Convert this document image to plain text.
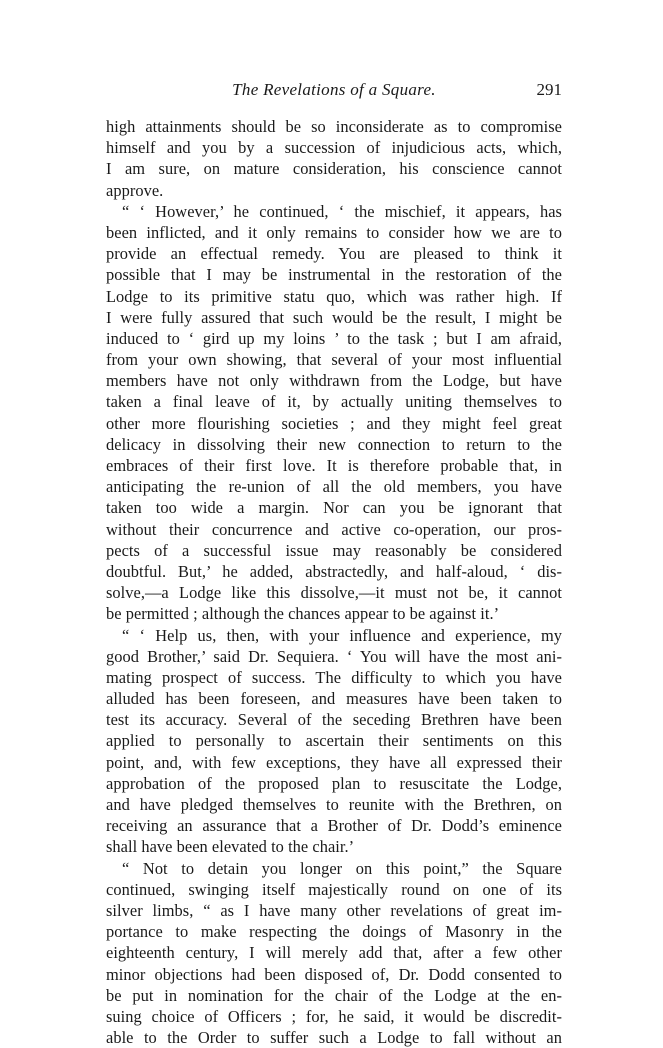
The Revelations of a Square.	291
high attainments should be so inconsiderate as to compromise
himself and you by a succession of injudicious acts, which,
I am sure, on mature consideration, his conscience cannot
approve.
“ ‘ However,’ he continued, ‘ the mischief, it appears, has
been inflicted, and it only remains to consider how we are to
provide an effectual remedy. You are pleased to think it
possible that I may be instrumental in the restoration of the
Lodge to its primitive statu quo, which was rather high. If
I were fully assured that such would be the result, I might be
induced to ‘ gird up my loins ’ to the task ; but I am afraid,
from your own showing, that several of your most influential
members have not only withdrawn from the Lodge, but have
taken a final leave of it, by actually uniting themselves to
other more flourishing societies ; and they might feel great
delicacy in dissolving their new connection to return to the
embraces of their first love. It is therefore probable that, in
anticipating the re-union of all the old members, you have
taken too wide a margin. Nor can you be ignorant that
without their concurrence and active co-operation, our pros-
pects of a successful issue may reasonably be considered
doubtful. But,’ he added, abstractedly, and half-aloud, ‘ dis-
solve,—a Lodge like this dissolve,—it must not be, it cannot
be permitted ; although the chances appear to be against it.’
“ ‘ Help us, then, with your influence and experience, my
good Brother,’ said Dr. Sequiera. ‘ You will have the most ani-
mating prospect of success. The difficulty to which you have
alluded has been foreseen, and measures have been taken to
test its accuracy. Several of the seceding Brethren have been
applied to personally to ascertain their sentiments on this
point, and, with few exceptions, they have all expressed their
approbation of the proposed plan to resuscitate the Lodge,
and have pledged themselves to reunite with the Brethren, on
receiving an assurance that a Brother of Dr. Dodd’s eminence
shall have been elevated to the chair.’
“ Not to detain you longer on this point,” the Square
continued, swinging itself majestically round on one of its
silver limbs, “ as I have many other revelations of great im-
portance to make respecting the doings of Masonry in the
eighteenth century, I will merely add that, after a few other
minor objections had been disposed of, Dr. Dodd consented to
be put in nomination for the chair of the Lodge at the en-
suing choice of Officers ; for, he said, it would be discredit-
able to the Order to suffer such a Lodge to fall without an
